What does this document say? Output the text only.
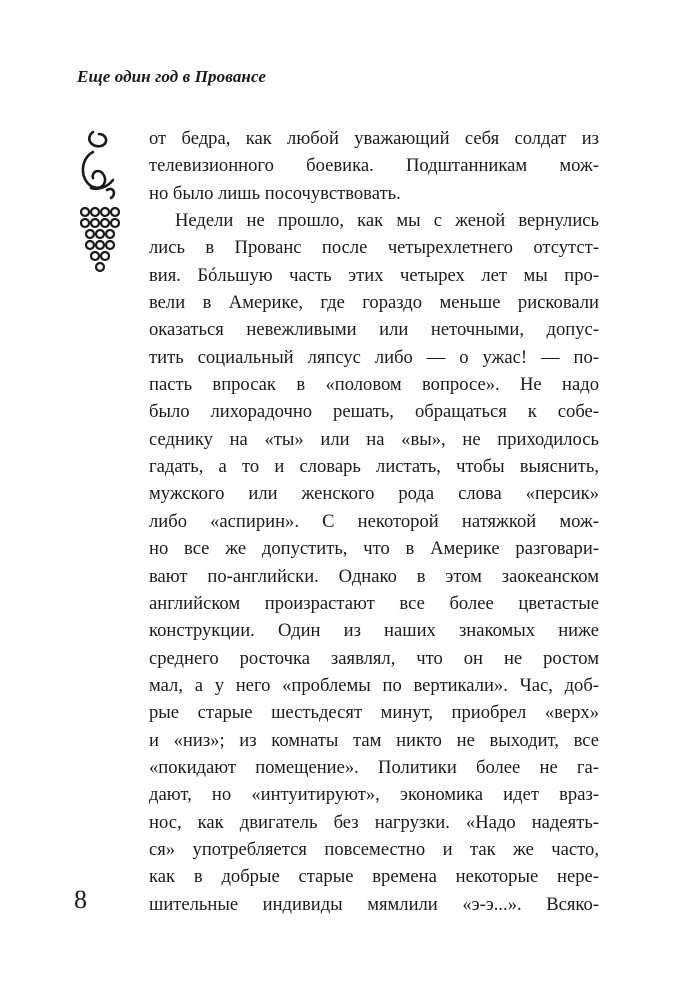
Еще один год в Провансе
от бедра, как любой уважающий себя солдат из
телевизионного боевика. Подштанникам мож-
но было лишь посочувствовать.
Недели не прошло, как мы с женой вернулись
лись в Прованс после четырехлетнего отсутст-
вия. Бóльшую часть этих четырех лет мы про-
вели в Америке, где гораздо меньше рисковали
оказаться невежливыми или неточными, допус-
тить социальный ляпсус либо — о ужас! — по-
пасть впросак в «половом вопросе». Не надо
было лихорадочно решать, обращаться к собе-
седнику на «ты» или на «вы», не приходилось
гадать, а то и словарь листать, чтобы выяснить,
мужского или женского рода слова «персик»
либо «аспирин». С некоторой натяжкой мож-
но все же допустить, что в Америке разговари-
вают по-английски. Однако в этом заокеанском
английском произрастают все более цветастые
конструкции. Один из наших знакомых ниже
среднего росточка заявлял, что он не ростом
мал, а у него «проблемы по вертикали». Час, доб-
рые старые шестьдесят минут, приобрел «верх»
и «низ»; из комнаты там никто не выходит, все
«покидают помещение». Политики более не га-
дают, но «интуитируют», экономика идет враз-
нос, как двигатель без нагрузки. «Надо надеять-
ся» употребляется повсеместно и так же часто,
как в добрые старые времена некоторые нере-
шительные индивиды мямлили «э-э...». Всяко-
8
